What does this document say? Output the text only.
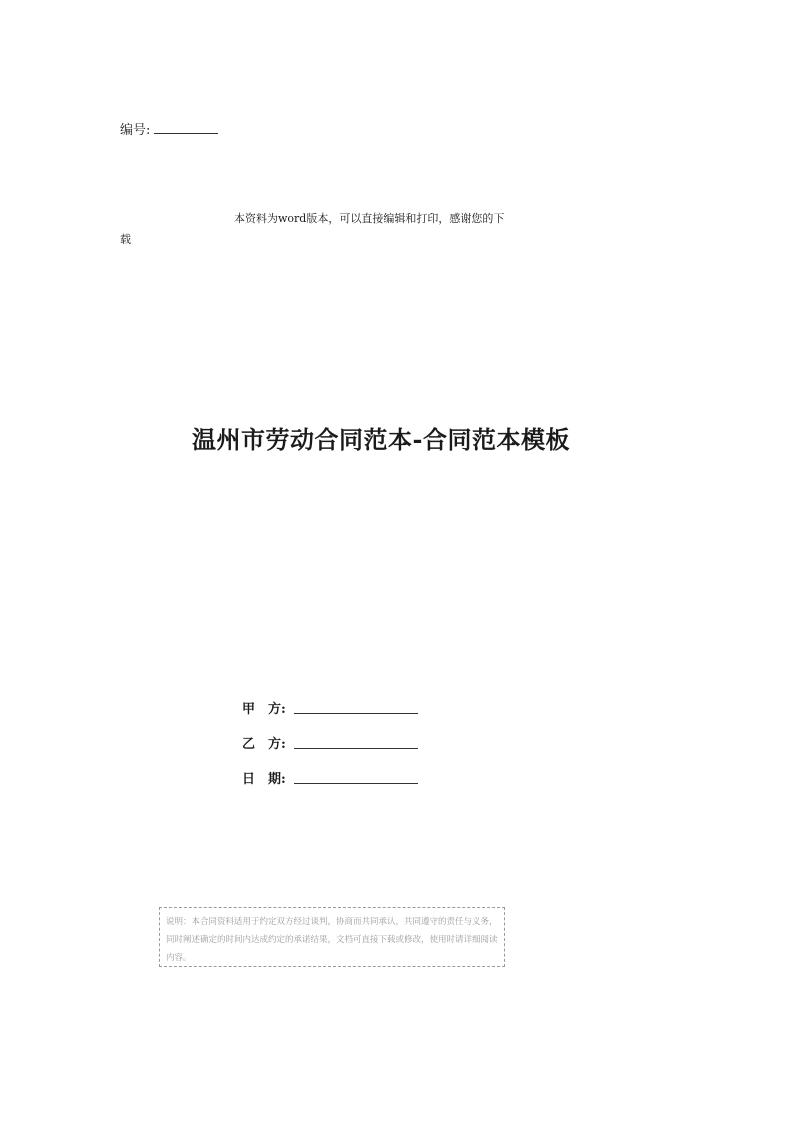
编号:
本资料为word版本，可以直接编辑和打印，感谢您的下
载
温州市劳动合同范本-合同范本模板
甲　方:
乙　方:
日　期:
说明：本合同资料适用于约定双方经过谈判，协商而共同承认，共同遵守的责任与义务，同时阐述确定的时间内达成约定的承诺结果，文档可直接下载或修改，使用时请详细阅读内容。
